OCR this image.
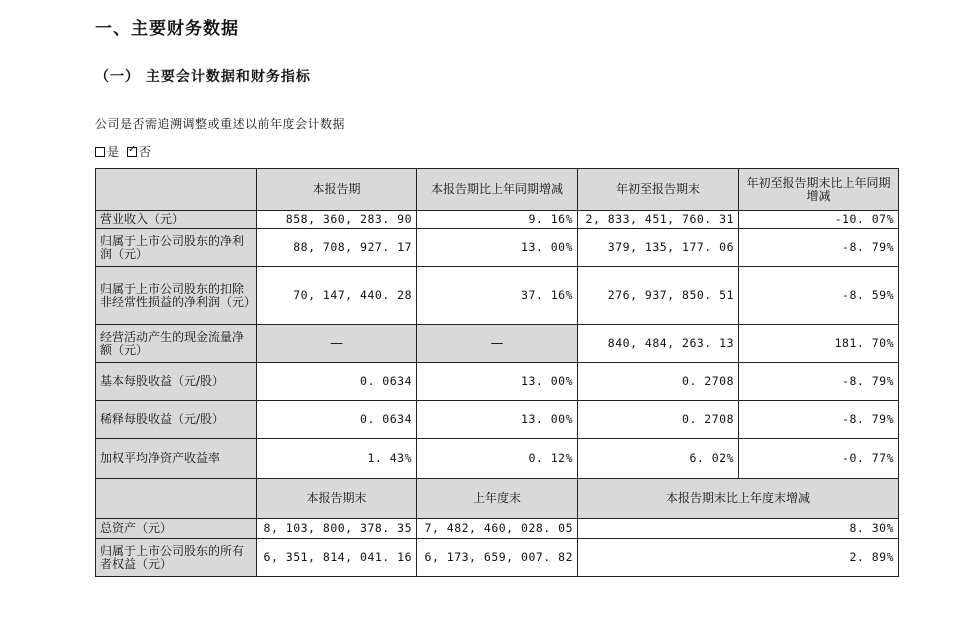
一、主要财务数据
（一） 主要会计数据和财务指标
公司是否需追溯调整或重述以前年度会计数据
是 ✓ 否
	本报告期	本报告期比上年同期增减	年初至报告期末	年初至报告期末比上年同期增减
营业收入（元）	858, 360, 283. 90	9. 16%	2, 833, 451, 760. 31	-10. 07%
归属于上市公司股东的净利润（元）	88, 708, 927. 17	13. 00%	379, 135, 177. 06	-8. 79%
归属于上市公司股东的扣除非经常性损益的净利润（元）	70, 147, 440. 28	37. 16%	276, 937, 850. 51	-8. 59%
经营活动产生的现金流量净额（元）	—	—	840, 484, 263. 13	181. 70%
基本每股收益（元/股）	0. 0634	13. 00%	0. 2708	-8. 79%
稀释每股收益（元/股）	0. 0634	13. 00%	0. 2708	-8. 79%
加权平均净资产收益率	1. 43%	0. 12%	6. 02%	-0. 77%
	本报告期末	上年度末	本报告期末比上年度末增减	
总资产（元）	8, 103, 800, 378. 35	7, 482, 460, 028. 05	8. 30%	
归属于上市公司股东的所有者权益（元）	6, 351, 814, 041. 16	6, 173, 659, 007. 82	2. 89%	
